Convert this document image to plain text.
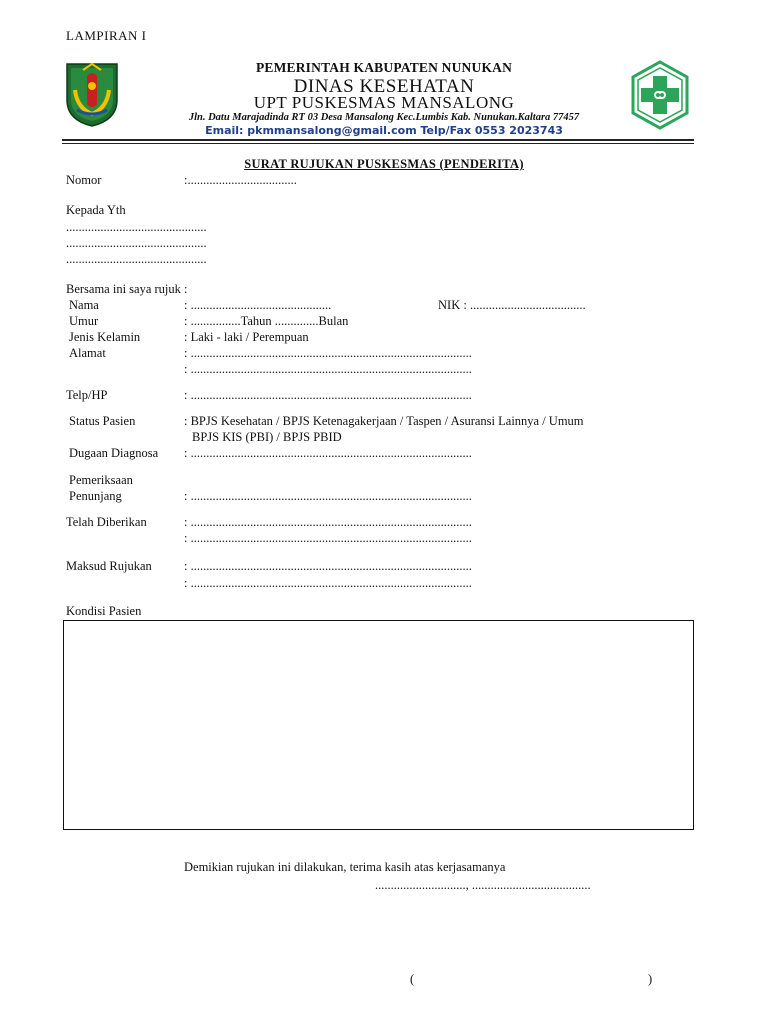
LAMPIRAN I
PEMERINTAH KABUPATEN NUNUKAN
DINAS KESEHATAN
UPT PUSKESMAS MANSALONG
Jln. Datu Marajadinda RT 03 Desa Mansalong Kec.Lumbis Kab. Nunukan.Kaltara 77457
Email: pkmmansalong@gmail.com Telp/Fax 0553 2023743
SURAT RUJUKAN PUSKESMAS (PENDERITA)
Nomor	:...................................
Kepada Yth
.............................................
.............................................
.............................................
Bersama ini saya rujuk :
Nama	: .............................................	NIK : .....................................
Umur	: ................Tahun ..............Bulan
Jenis Kelamin	: Laki - laki / Perempuan
Alamat	: ..........................................................................................
: ..........................................................................................
Telp/HP	: ..........................................................................................
Status Pasien	: BPJS Kesehatan / BPJS Ketenagakerjaan / Taspen / Asuransi Lainnya / Umum
BPJS KIS (PBI) / BPJS PBID
Dugaan Diagnosa : ..........................................................................................
Pemeriksaan
Penunjang	: ..........................................................................................
Telah Diberikan	: ..........................................................................................
: ..........................................................................................
Maksud Rujukan	: ..........................................................................................
: ..........................................................................................
Kondisi Pasien
Demikian rujukan ini dilakukan, terima kasih atas kerjasamanya
............................., ......................................
(	)
